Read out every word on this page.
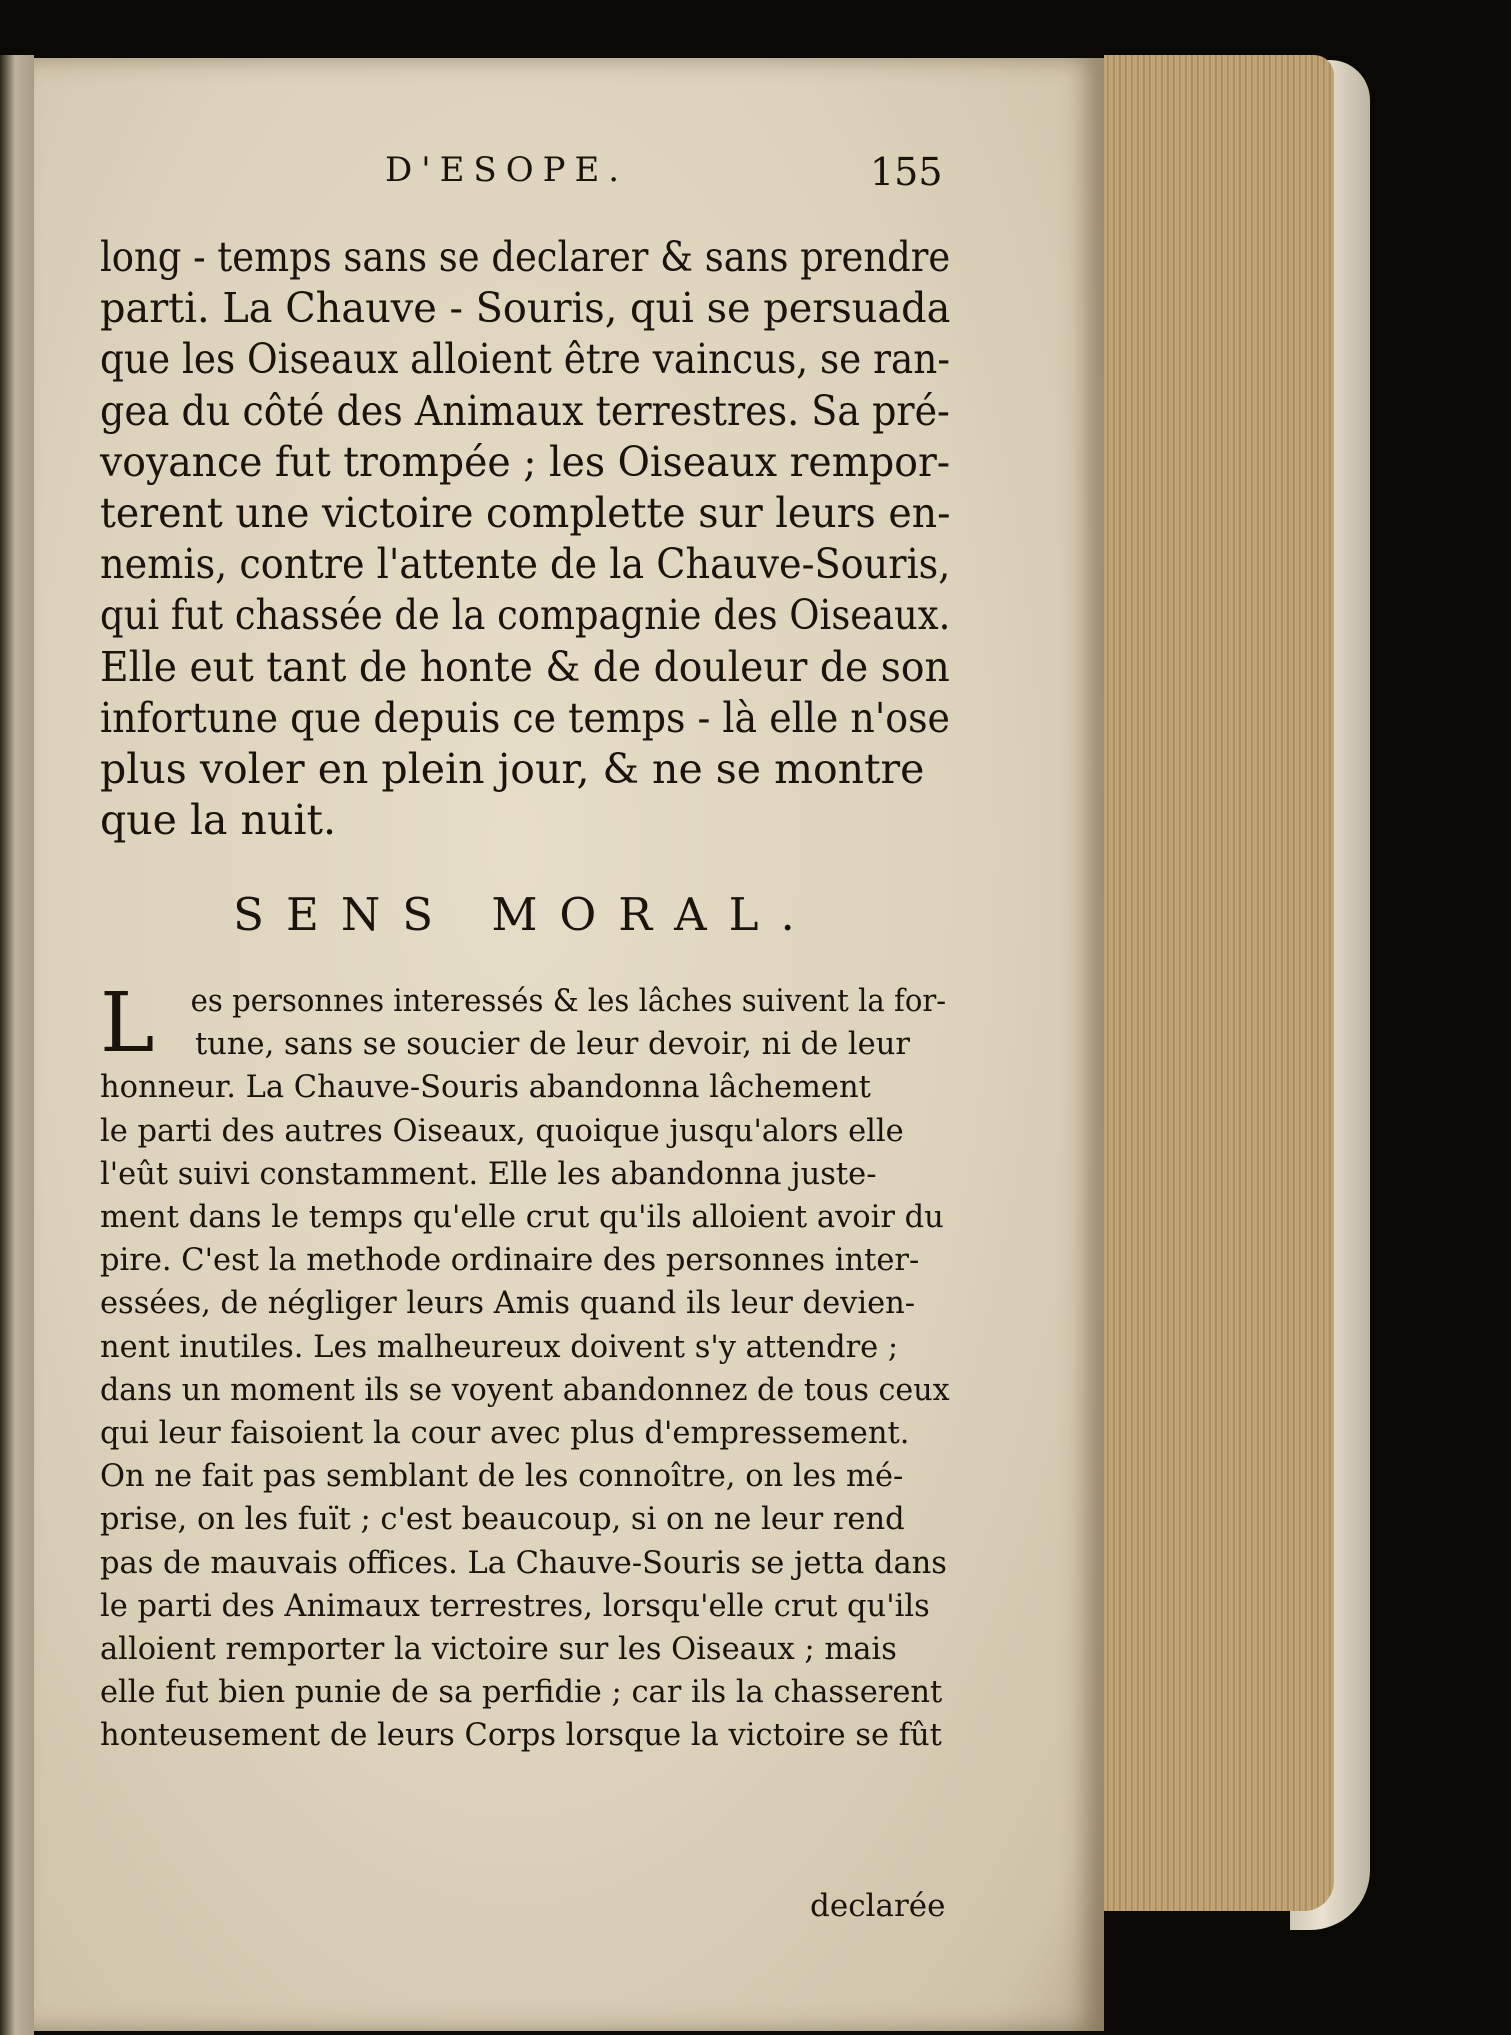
D'ESOPE.	155
long - temps sans se declarer & sans prendre
parti. La Chauve - Souris, qui se persuada
que les Oiseaux alloient être vaincus, se ran-
gea du côté des Animaux terrestres. Sa pré-
voyance fut trompée ; les Oiseaux rempor-
terent une victoire complette sur leurs en-
nemis, contre l'attente de la Chauve-Souris,
qui fut chassée de la compagnie des Oiseaux.
Elle eut tant de honte & de douleur de son
infortune que depuis ce temps - là elle n'ose
plus voler en plein jour, & ne se montre
que la nuit.
SENS MORAL.
L	es personnes interessés & les lâches suivent la for-
tune, sans se soucier de leur devoir, ni de leur
honneur. La Chauve-Souris abandonna lâchement
le parti des autres Oiseaux, quoique jusqu'alors elle
l'eût suivi constamment. Elle les abandonna juste-
ment dans le temps qu'elle crut qu'ils alloient avoir du
pire. C'est la methode ordinaire des personnes inter-
essées, de négliger leurs Amis quand ils leur devien-
nent inutiles. Les malheureux doivent s'y attendre ;
dans un moment ils se voyent abandonnez de tous ceux
qui leur faisoient la cour avec plus d'empressement.
On ne fait pas semblant de les connoître, on les mé-
prise, on les fuït ; c'est beaucoup, si on ne leur rend
pas de mauvais offices. La Chauve-Souris se jetta dans
le parti des Animaux terrestres, lorsqu'elle crut qu'ils
alloient remporter la victoire sur les Oiseaux ; mais
elle fut bien punie de sa perfidie ; car ils la chasserent
honteusement de leurs Corps lorsque la victoire se fût
declarée
